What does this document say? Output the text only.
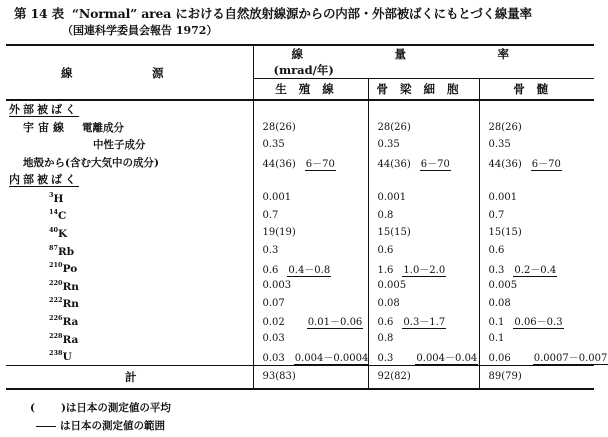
第 14 表 “Normal” area における自然放射線源からの内部・外部被ばくにもとづく線量率
（国連科学委員会報告 1972）
線　源	線　量　率(mrad/年)		
	生殖線	骨梁細胞	骨髄
外部被ばく			
宇宙線 電離成分	28(26)	28(26)	28(26)
中性子成分	0.35	0.35	0.35
地殻から(含む大気中の成分)	44(36) 6－70	44(36) 6－70	44(36) 6－70
内部被ばく			
$^3$H	0.001	0.001	0.001
$^{14}$C	0.7	0.8	0.7
$^{40}$K	19(19)	15(15)	15(15)
$^{87}$Rb	0.3	0.6	0.6
$^{210}$Po	0.6 0.4－0.8	1.6 1.0－2.0	0.3 0.2－0.4
$^{220}$Rn	0.003	0.005	0.005
$^{222}$Rn	0.07	0.08	0.08
$^{226}$Ra	0.02 0.01－0.06	0.6 0.3－1.7	0.1 0.06－0.3
$^{228}$Ra	0.03	0.8	0.1
$^{238}$U	0.03 0.004－0.0004	0.3 0.004－0.04	0.06 0.0007－0.007

計	93(83)	92(82)	89(79)
( )は日本の測定値の平均
は日本の測定値の範囲
